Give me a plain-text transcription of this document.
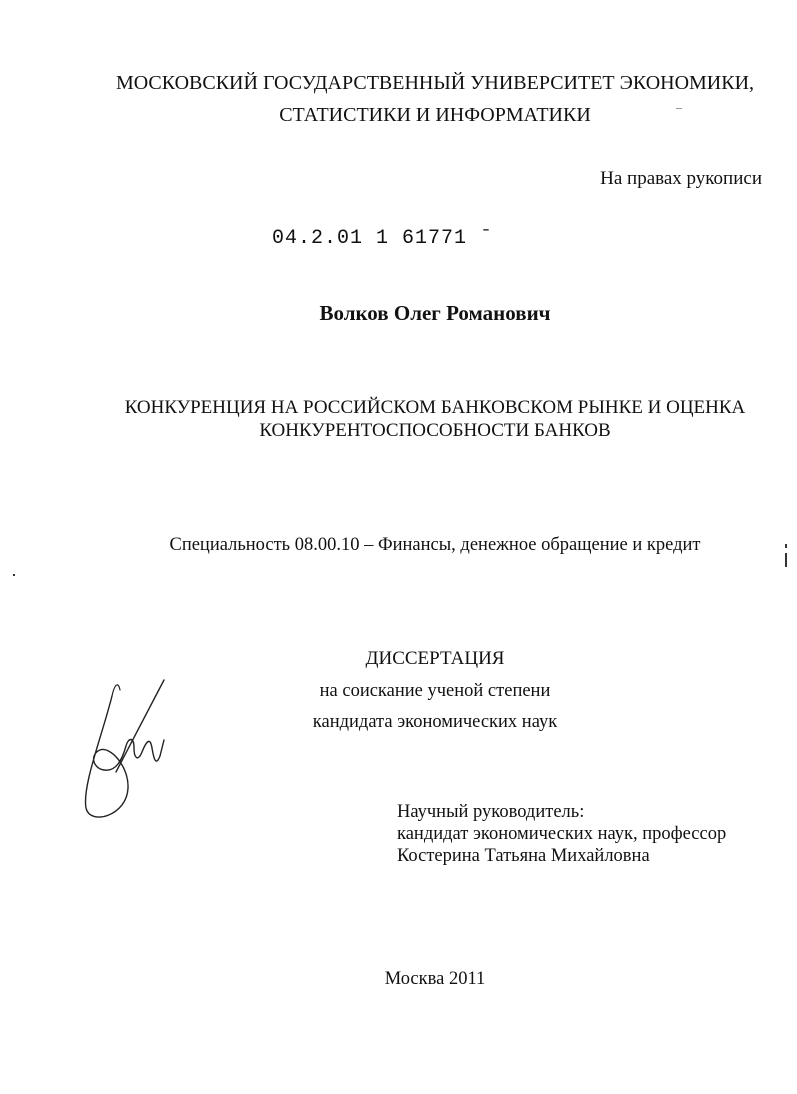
МОСКОВСКИЙ ГОСУДАРСТВЕННЫЙ УНИВЕРСИТЕТ ЭКОНОМИКИ,
СТАТИСТИКИ И ИНФОРМАТИКИ
На правах рукописи
04.2.01 1 61771 ˉ
Волков Олег Романович
КОНКУРЕНЦИЯ НА РОССИЙСКОМ БАНКОВСКОМ РЫНКЕ И ОЦЕНКА
КОНКУРЕНТОСПОСОБНОСТИ БАНКОВ
Специальность 08.00.10 – Финансы, денежное обращение и кредит
ДИССЕРТАЦИЯ
на соискание ученой степени
кандидата экономических наук
Научный руководитель:
кандидат экономических наук, профессор
Костерина Татьяна Михайловна
Москва 2011
